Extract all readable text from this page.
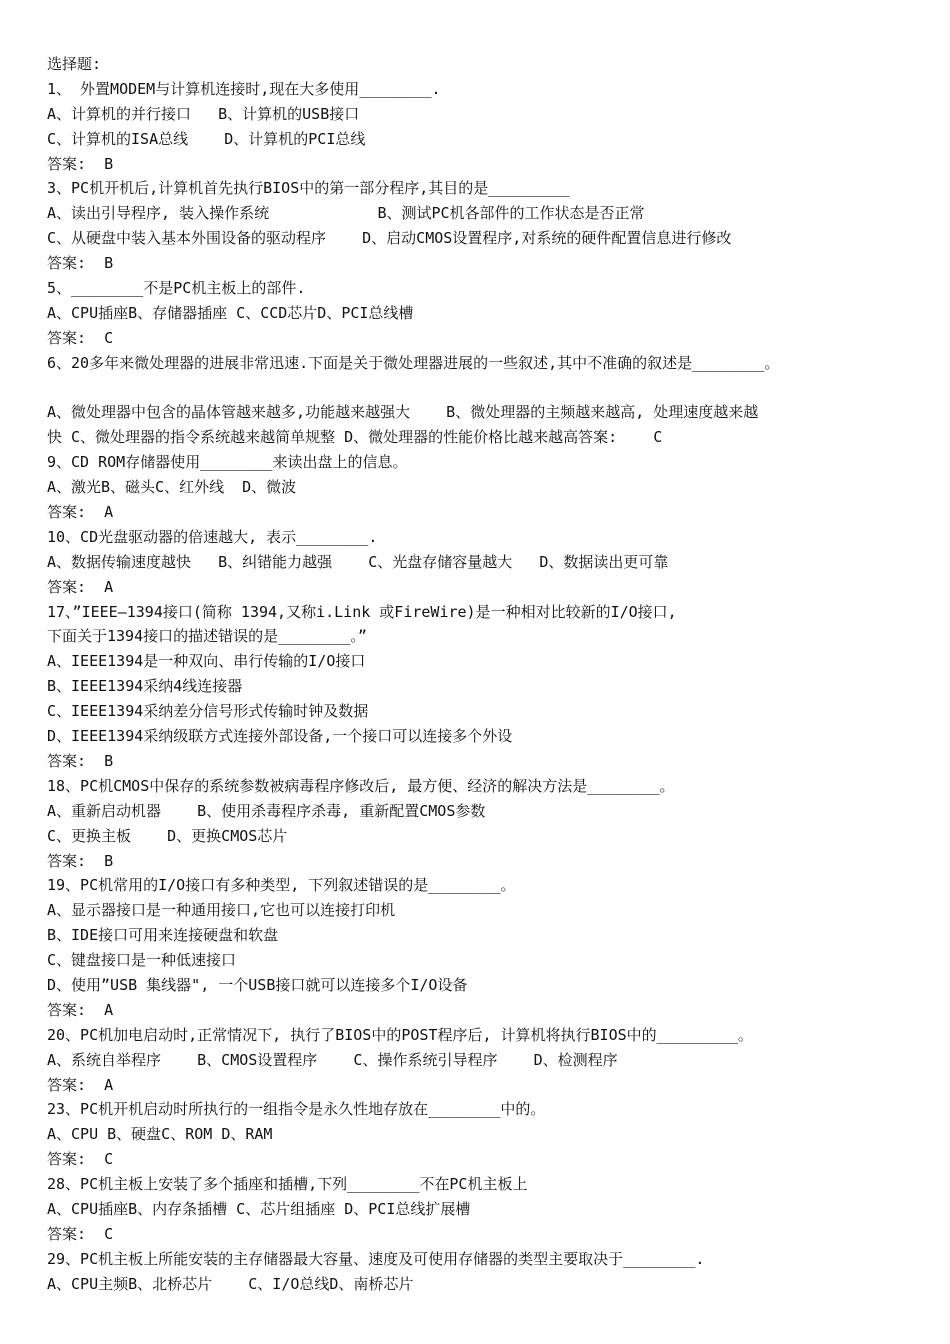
选择题:
1、 外置MODEM与计算机连接时,现在大多使用________.
A、计算机的并行接口   B、计算机的USB接口
C、计算机的ISA总线    D、计算机的PCI总线
答案:  B
3、PC机开机后,计算机首先执行BIOS中的第一部分程序,其目的是_________
A、读出引导程序, 装入操作系统            B、测试PC机各部件的工作状态是否正常
C、从硬盘中装入基本外围设备的驱动程序    D、启动CMOS设置程序,对系统的硬件配置信息进行修改
答案:  B
5、________不是PC机主板上的部件.
A、CPU插座B、存储器插座 C、CCD芯片D、PCI总线槽
答案:  C
6、20多年来微处理器的进展非常迅速.下面是关于微处理器进展的一些叙述,其中不准确的叙述是________。
A、微处理器中包含的晶体管越来越多,功能越来越强大    B、微处理器的主频越来越高, 处理速度越来越
快 C、微处理器的指令系统越来越简单规整 D、微处理器的性能价格比越来越高答案:    C
9、CD ROM存储器使用________来读出盘上的信息。
A、激光B、磁头C、红外线  D、微波
答案:  A
10、CD光盘驱动器的倍速越大, 表示________.
A、数据传输速度越快   B、纠错能力越强    C、光盘存储容量越大   D、数据读出更可靠
答案:  A
17、”IEEE—1394接口(简称 1394,又称i.Link 或FireWire)是一种相对比较新的I/O接口,
下面关于1394接口的描述错误的是________。”
A、IEEE1394是一种双向、串行传输的I/O接口
B、IEEE1394采纳4线连接器
C、IEEE1394采纳差分信号形式传输时钟及数据
D、IEEE1394采纳级联方式连接外部设备,一个接口可以连接多个外设
答案:  B
18、PC机CMOS中保存的系统参数被病毒程序修改后, 最方便、经济的解决方法是________。
A、重新启动机器    B、使用杀毒程序杀毒, 重新配置CMOS参数
C、更换主板    D、更换CMOS芯片
答案:  B
19、PC机常用的I/O接口有多种类型, 下列叙述错误的是________。
A、显示器接口是一种通用接口,它也可以连接打印机
B、IDE接口可用来连接硬盘和软盘
C、键盘接口是一种低速接口
D、使用”USB 集线器", 一个USB接口就可以连接多个I/O设备
答案:  A
20、PC机加电启动时,正常情况下, 执行了BIOS中的POST程序后, 计算机将执行BIOS中的_________。
A、系统自举程序    B、CMOS设置程序    C、操作系统引导程序    D、检测程序
答案:  A
23、PC机开机启动时所执行的一组指令是永久性地存放在________中的。
A、CPU B、硬盘C、ROM D、RAM
答案:  C
28、PC机主板上安装了多个插座和插槽,下列________不在PC机主板上
A、CPU插座B、内存条插槽 C、芯片组插座 D、PCI总线扩展槽
答案:  C
29、PC机主板上所能安装的主存储器最大容量、速度及可使用存储器的类型主要取决于________.
A、CPU主频B、北桥芯片    C、I/O总线D、南桥芯片
